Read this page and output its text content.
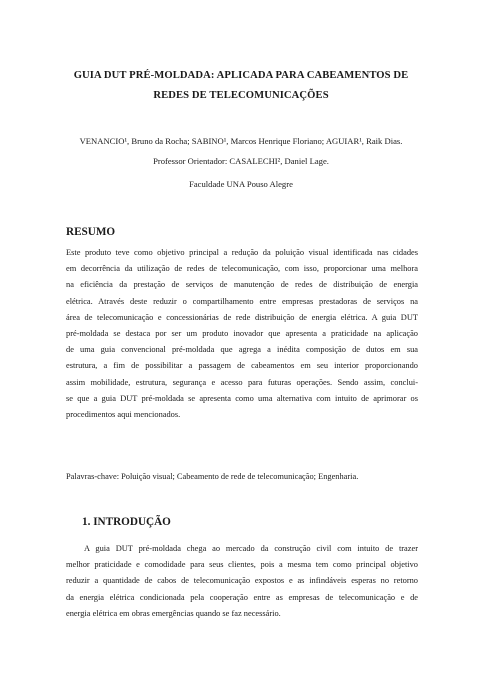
GUIA DUT PRÉ-MOLDADA: APLICADA PARA CABEAMENTOS DE
REDES DE TELECOMUNICAÇÕES
VENANCIO¹, Bruno da Rocha; SABINO¹, Marcos Henrique Floriano; AGUIAR¹, Raik Dias.
Professor Orientador: CASALECHI², Daniel Lage.
Faculdade UNA Pouso Alegre
RESUMO
Este produto teve como objetivo principal a redução da poluição visual identificada nas cidades
em decorrência da utilização de redes de telecomunicação, com isso, proporcionar uma melhora
na eficiência da prestação de serviços de manutenção de redes de distribuição de energia
elétrica. Através deste reduzir o compartilhamento entre empresas prestadoras de serviços na
área de telecomunicação e concessionárias de rede distribuição de energia elétrica. A guia DUT
pré-moldada se destaca por ser um produto inovador que apresenta a praticidade na aplicação
de uma guia convencional pré-moldada que agrega a inédita composição de dutos em sua
estrutura, a fim de possibilitar a passagem de cabeamentos em seu interior proporcionando
assim mobilidade, estrutura, segurança e acesso para futuras operações. Sendo assim, conclui-
se que a guia DUT pré-moldada se apresenta como uma alternativa com intuito de aprimorar os
procedimentos aqui mencionados.
Palavras-chave: Poluição visual; Cabeamento de rede de telecomunicação; Engenharia.
1. INTRODUÇÃO
A guia DUT pré-moldada chega ao mercado da construção civil com intuito de trazer
melhor praticidade e comodidade para seus clientes, pois a mesma tem como principal objetivo
reduzir a quantidade de cabos de telecomunicação expostos e as infindáveis esperas no retorno
da energia elétrica condicionada pela cooperação entre as empresas de telecomunicação e de
energia elétrica em obras emergências quando se faz necessário.
